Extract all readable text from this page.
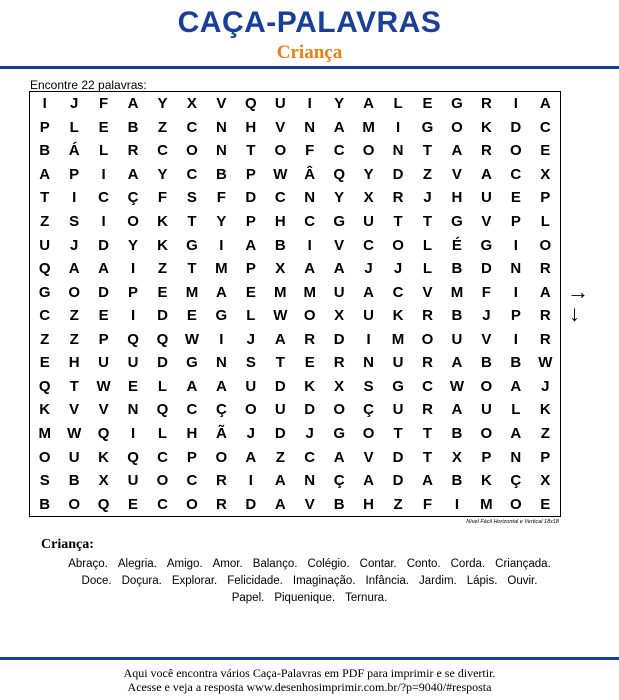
CAÇA-PALAVRAS
Criança
Encontre 22 palavras:
I	J	F	A	Y	X	V	Q	U	I	Y	A	L	E	G	R	I	A
P	L	E	B	Z	C	N	H	V	N	A	M	I	G	O	K	D	C
B	Á	L	R	C	O	N	T	O	F	C	O	N	T	A	R	O	E
A	P	I	A	Y	C	B	P	W	Â	Q	Y	D	Z	V	A	C	X
T	I	C	Ç	F	S	F	D	C	N	Y	X	R	J	H	U	E	P
Z	S	I	O	K	T	Y	P	H	C	G	U	T	T	G	V	P	L
U	J	D	Y	K	G	I	A	B	I	V	C	O	L	É	G	I	O
Q	A	A	I	Z	T	M	P	X	A	A	J	J	L	B	D	N	R
G	O	D	P	E	M	A	E	M	M	U	A	C	V	M	F	I	A
C	Z	E	I	D	E	G	L	W	O	X	U	K	R	B	J	P	R
Z	Z	P	Q	Q	W	I	J	A	R	D	I	M	O	U	V	I	R
E	H	U	U	D	G	N	S	T	E	R	N	U	R	A	B	B	W
Q	T	W	E	L	A	A	U	D	K	X	S	G	C	W	O	A	J
K	V	V	N	Q	C	Ç	O	U	D	O	Ç	U	R	A	U	L	K
M	W	Q	I	L	H	Ã	J	D	J	G	O	T	T	B	O	A	Z
O	U	K	Q	C	P	O	A	Z	C	A	V	D	T	X	P	N	P
S	B	X	U	O	C	R	I	A	N	Ç	A	D	A	B	K	Ç	X
B	O	Q	E	C	O	R	D	A	V	B	H	Z	F	I	M	O	E
→
↓
Nível Fácil Horizontal e Vertical 18x18
Criança:
Abraço. Alegria. Amigo. Amor. Balanço. Colégio. Contar. Conto. Corda. Criançada.
Doce. Doçura. Explorar. Felicidade. Imaginação. Infância. Jardim. Lápis. Ouvir.
Papel. Piquenique. Ternura.
Aqui você encontra vários Caça-Palavras em PDF para imprimir e se divertir.
Acesse e veja a resposta www.desenhosimprimir.com.br/?p=9040/#resposta
